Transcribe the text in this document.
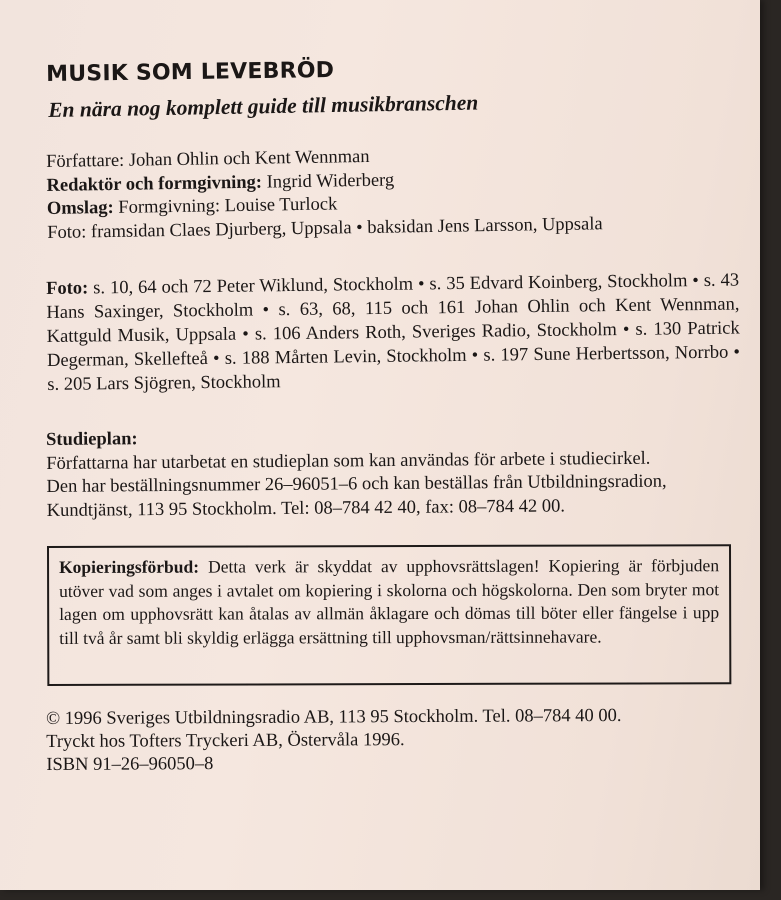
MUSIK SOM LEVEBRÖD

En nära nog komplett guide till musikbranschen

Författare: Johan Ohlin och Kent Wennman
Redaktör och formgivning: Ingrid Widerberg
Omslag: Formgivning: Louise Turlock
Foto: framsidan Claes Djurberg, Uppsala • baksidan Jens Larsson, Uppsala
Foto: s. 10, 64 och 72 Peter Wiklund, Stockholm • s. 35 Edvard Koinberg, Stockholm • s. 43 Hans Saxinger, Stockholm • s. 63, 68, 115 och 161 Johan Ohlin och Kent Wennman, Kattguld Musik, Uppsala • s. 106 Anders Roth, Sveriges Radio, Stockholm • s. 130 Patrick Degerman, Skellefteå • s. 188 Mårten Levin, Stockholm • s. 197 Sune Herbertsson, Norrbo • s. 205 Lars Sjögren, Stockholm
Studieplan:
Författarna har utarbetat en studieplan som kan användas för arbete i studiecirkel.
Den har beställningsnummer 26–96051–6 och kan beställas från Utbildningsradion,
Kundtjänst, 113 95 Stockholm. Tel: 08–784 42 40, fax: 08–784 42 00.
Kopieringsförbud: Detta verk är skyddat av upphovsrättslagen! Kopiering är förbjuden utöver vad som anges i avtalet om kopiering i skolorna och högskolorna. Den som bryter mot lagen om upphovsrätt kan åtalas av allmän åklagare och dömas till böter eller fängelse i upp till två år samt bli skyldig erlägga ersättning till upphovsman/rättsinnehavare.
© 1996 Sveriges Utbildningsradio AB, 113 95 Stockholm. Tel. 08–784 40 00.
Tryckt hos Tofters Tryckeri AB, Östervåla 1996.
ISBN 91–26–96050–8
